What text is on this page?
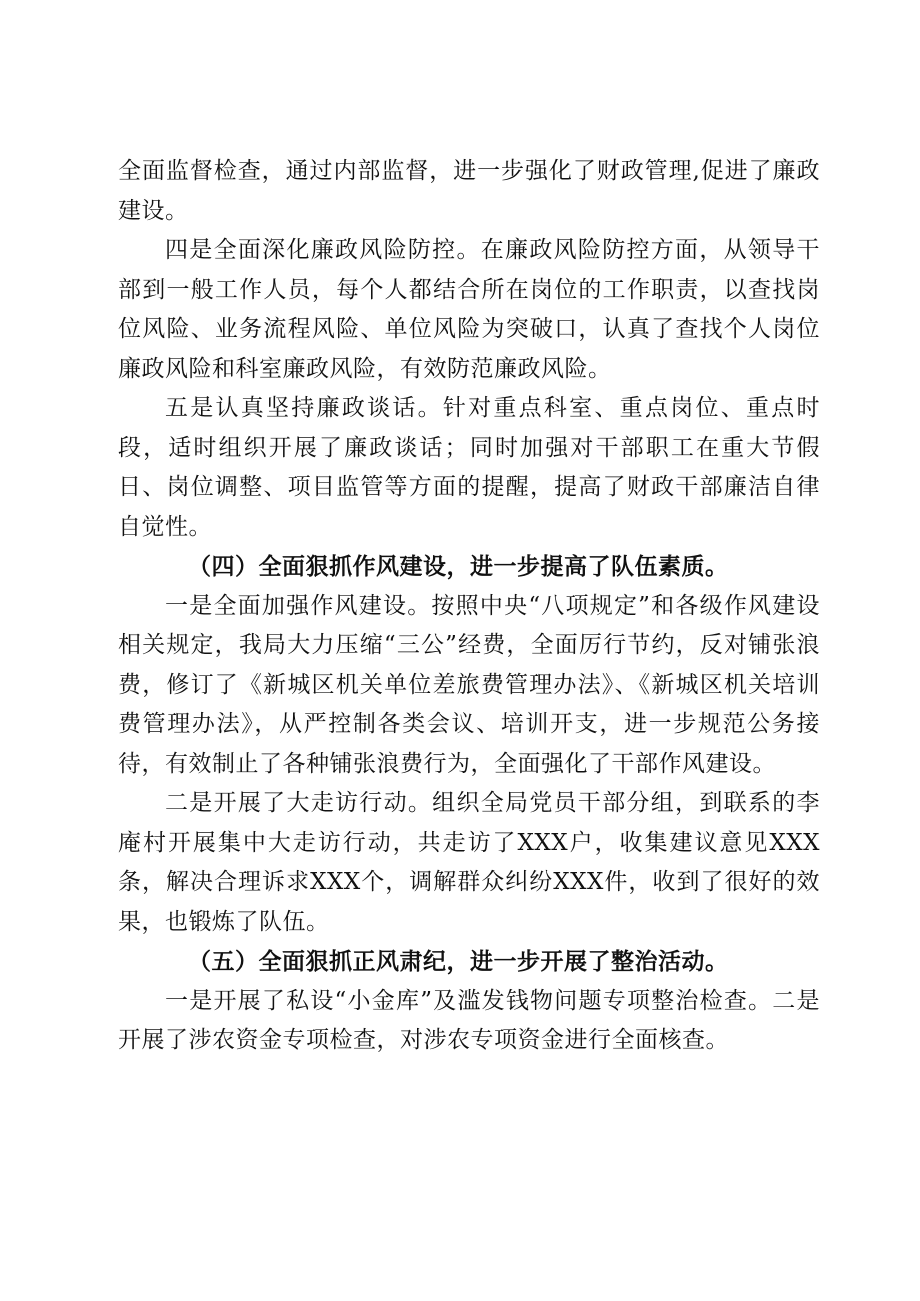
全面监督检查，通过内部监督，进一步强化了财政管理,促进了廉政建设。

四是全面深化廉政风险防控。在廉政风险防控方面，从领导干部到一般工作人员，每个人都结合所在岗位的工作职责，以查找岗位风险、业务流程风险、单位风险为突破口，认真了查找个人岗位廉政风险和科室廉政风险，有效防范廉政风险。

五是认真坚持廉政谈话。针对重点科室、重点岗位、重点时段，适时组织开展了廉政谈话；同时加强对干部职工在重大节假日、岗位调整、项目监管等方面的提醒，提高了财政干部廉洁自律自觉性。

（四）全面狠抓作风建设，进一步提高了队伍素质。

一是全面加强作风建设。按照中央“八项规定”和各级作风建设相关规定，我局大力压缩“三公”经费，全面厉行节约，反对铺张浪费，修订了《新城区机关单位差旅费管理办法》、《新城区机关培训费管理办法》，从严控制各类会议、培训开支，进一步规范公务接待，有效制止了各种铺张浪费行为，全面强化了干部作风建设。

二是开展了大走访行动。组织全局党员干部分组，到联系的李庵村开展集中大走访行动，共走访了XXX户，收集建议意见XXX条，解决合理诉求XXX个，调解群众纠纷XXX件，收到了很好的效果，也锻炼了队伍。

（五）全面狠抓正风肃纪，进一步开展了整治活动。

一是开展了私设“小金库”及滥发钱物问题专项整治检查。二是开展了涉农资金专项检查，对涉农专项资金进行全面核查。
